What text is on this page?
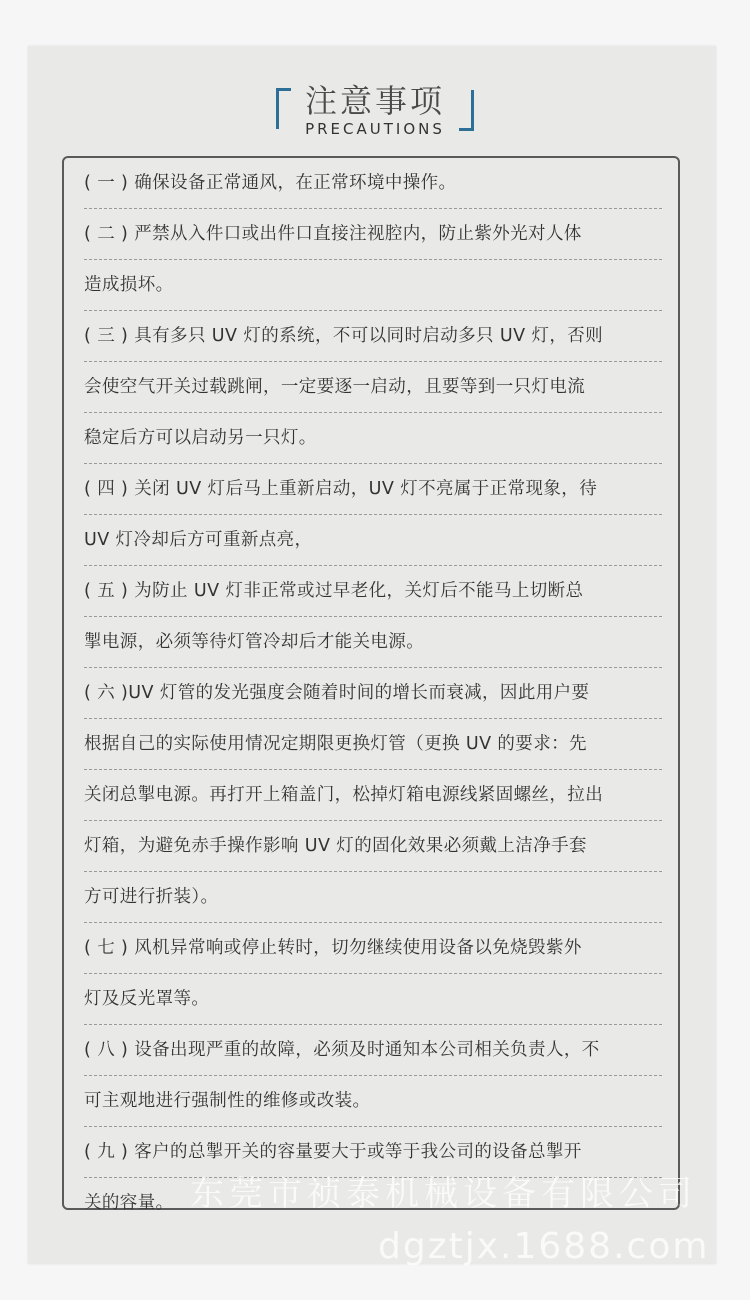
注意事项
PRECAUTIONS
( 一 ) 确保设备正常通风，在正常环境中操作。
( 二 ) 严禁从入件口或出件口直接注视腔内，防止紫外光对人体
造成损坏。
( 三 ) 具有多只 UV 灯的系统，不可以同时启动多只 UV 灯，否则
会使空气开关过载跳闸，一定要逐一启动，且要等到一只灯电流
稳定后方可以启动另一只灯。
( 四 ) 关闭 UV 灯后马上重新启动，UV 灯不亮属于正常现象，待
UV 灯冷却后方可重新点亮，
( 五 ) 为防止 UV 灯非正常或过早老化，关灯后不能马上切断总
掣电源，必须等待灯管冷却后才能关电源。
( 六 )UV 灯管的发光强度会随着时间的增长而衰减，因此用户要
根据自己的实际使用情况定期限更换灯管（更换 UV 的要求：先
关闭总掣电源。再打开上箱盖门，松掉灯箱电源线紧固螺丝，拉出
灯箱，为避免赤手操作影响 UV 灯的固化效果必须戴上洁净手套
方可进行折装）。
( 七 ) 风机异常响或停止转时，切勿继续使用设备以免烧毁紫外
灯及反光罩等。
( 八 ) 设备出现严重的故障，必须及时通知本公司相关负责人，不
可主观地进行强制性的维修或改装。
( 九 ) 客户的总掣开关的容量要大于或等于我公司的设备总掣开
关的容量。 东莞市祯泰机械设备有限公司
dgztjx.1688.com
